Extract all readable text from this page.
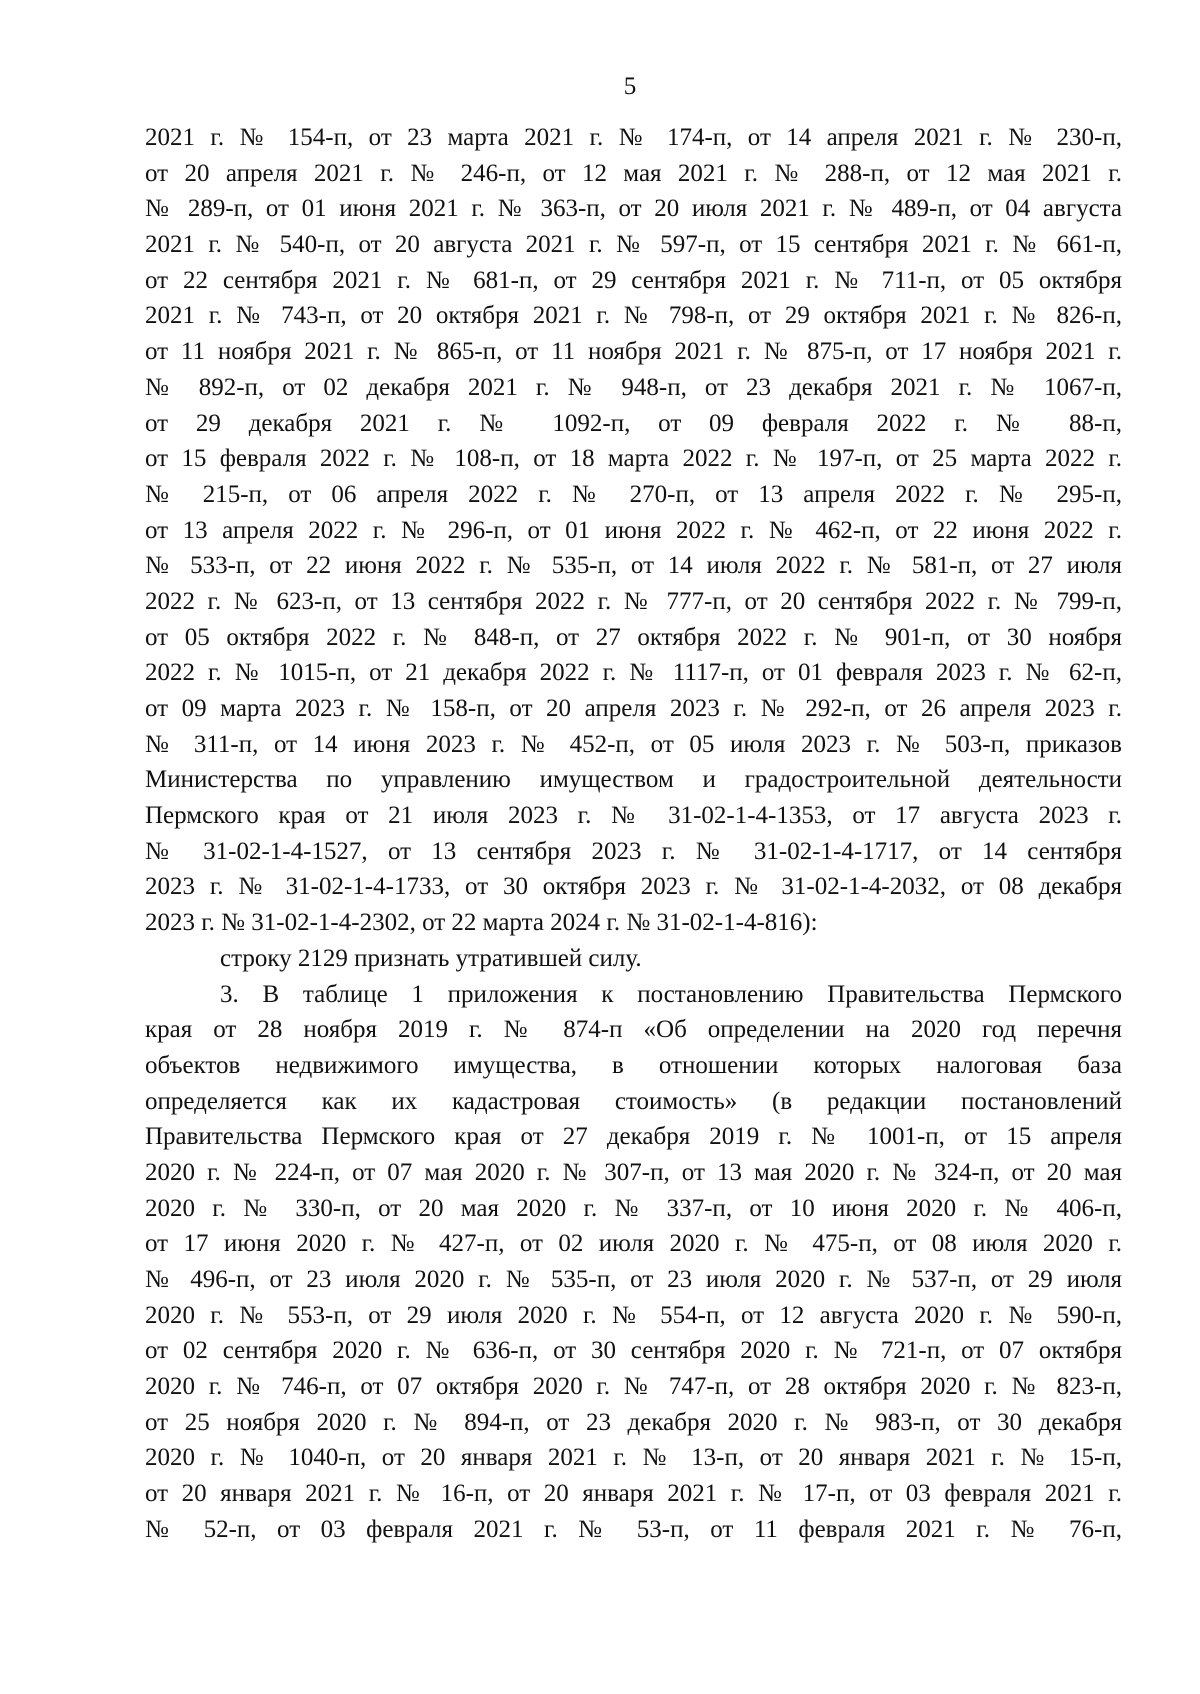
5
2021 г. № 154-п, от 23 марта 2021 г. № 174-п, от 14 апреля 2021 г. № 230-п,
от 20 апреля 2021 г. № 246-п, от 12 мая 2021 г. № 288-п, от 12 мая 2021 г.
№ 289-п, от 01 июня 2021 г. № 363-п, от 20 июля 2021 г. № 489-п, от 04 августа
2021 г. № 540-п, от 20 августа 2021 г. № 597-п, от 15 сентября 2021 г. № 661-п,
от 22 сентября 2021 г. № 681-п, от 29 сентября 2021 г. № 711-п, от 05 октября
2021 г. № 743-п, от 20 октября 2021 г. № 798-п, от 29 октября 2021 г. № 826-п,
от 11 ноября 2021 г. № 865-п, от 11 ноября 2021 г. № 875-п, от 17 ноября 2021 г.
№ 892-п, от 02 декабря 2021 г. № 948-п, от 23 декабря 2021 г. № 1067-п,
от 29 декабря 2021 г. № 1092-п, от 09 февраля 2022 г. № 88-п,
от 15 февраля 2022 г. № 108-п, от 18 марта 2022 г. № 197-п, от 25 марта 2022 г.
№ 215-п, от 06 апреля 2022 г. № 270-п, от 13 апреля 2022 г. № 295-п,
от 13 апреля 2022 г. № 296-п, от 01 июня 2022 г. № 462-п, от 22 июня 2022 г.
№ 533-п, от 22 июня 2022 г. № 535-п, от 14 июля 2022 г. № 581-п, от 27 июля
2022 г. № 623-п, от 13 сентября 2022 г. № 777-п, от 20 сентября 2022 г. № 799-п,
от 05 октября 2022 г. № 848-п, от 27 октября 2022 г. № 901-п, от 30 ноября
2022 г. № 1015-п, от 21 декабря 2022 г. № 1117-п, от 01 февраля 2023 г. № 62-п,
от 09 марта 2023 г. № 158-п, от 20 апреля 2023 г. № 292-п, от 26 апреля 2023 г.
№ 311-п, от 14 июня 2023 г. № 452-п, от 05 июля 2023 г. № 503-п, приказов
Министерства по управлению имуществом и градостроительной деятельности
Пермского края от 21 июля 2023 г. № 31-02-1-4-1353, от 17 августа 2023 г.
№ 31-02-1-4-1527, от 13 сентября 2023 г. № 31-02-1-4-1717, от 14 сентября
2023 г. № 31-02-1-4-1733, от 30 октября 2023 г. № 31-02-1-4-2032, от 08 декабря
2023 г. № 31-02-1-4-2302, от 22 марта 2024 г. № 31-02-1-4-816):
строку 2129 признать утратившей силу.
3. В таблице 1 приложения к постановлению Правительства Пермского
края от 28 ноября 2019 г. № 874-п «Об определении на 2020 год перечня
объектов недвижимого имущества, в отношении которых налоговая база
определяется как их кадастровая стоимость» (в редакции постановлений
Правительства Пермского края от 27 декабря 2019 г. № 1001-п, от 15 апреля
2020 г. № 224-п, от 07 мая 2020 г. № 307-п, от 13 мая 2020 г. № 324-п, от 20 мая
2020 г. № 330-п, от 20 мая 2020 г. № 337-п, от 10 июня 2020 г. № 406-п,
от 17 июня 2020 г. № 427-п, от 02 июля 2020 г. № 475-п, от 08 июля 2020 г.
№ 496-п, от 23 июля 2020 г. № 535-п, от 23 июля 2020 г. № 537-п, от 29 июля
2020 г. № 553-п, от 29 июля 2020 г. № 554-п, от 12 августа 2020 г. № 590-п,
от 02 сентября 2020 г. № 636-п, от 30 сентября 2020 г. № 721-п, от 07 октября
2020 г. № 746-п, от 07 октября 2020 г. № 747-п, от 28 октября 2020 г. № 823-п,
от 25 ноября 2020 г. № 894-п, от 23 декабря 2020 г. № 983-п, от 30 декабря
2020 г. № 1040-п, от 20 января 2021 г. № 13-п, от 20 января 2021 г. № 15-п,
от 20 января 2021 г. № 16-п, от 20 января 2021 г. № 17-п, от 03 февраля 2021 г.
№ 52-п, от 03 февраля 2021 г. № 53-п, от 11 февраля 2021 г. № 76-п,
